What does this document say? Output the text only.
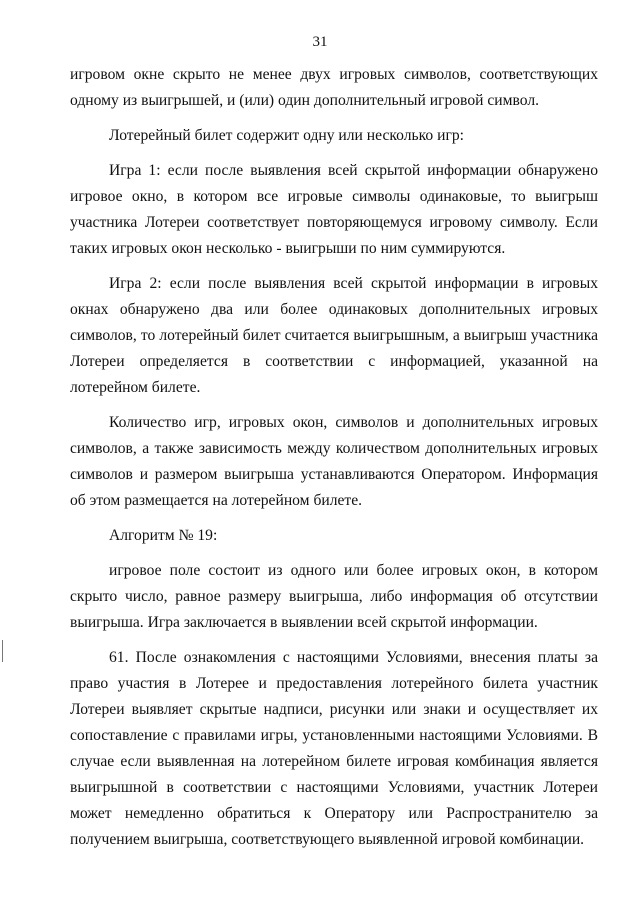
31

игровом окне скрыто не менее двух игровых символов, соответствующих одному из выигрышей, и (или) один дополнительный игровой символ.

Лотерейный билет содержит одну или несколько игр:

Игра 1: если после выявления всей скрытой информации обнаружено игровое окно, в котором все игровые символы одинаковые, то выигрыш участника Лотереи соответствует повторяющемуся игровому символу. Если таких игровых окон несколько - выигрыши по ним суммируются.

Игра 2: если после выявления всей скрытой информации в игровых окнах обнаружено два или более одинаковых дополнительных игровых символов, то лотерейный билет считается выигрышным, а выигрыш участника Лотереи определяется в соответствии с информацией, указанной на лотерейном билете.

Количество игр, игровых окон, символов и дополнительных игровых символов, а также зависимость между количеством дополнительных игровых символов и размером выигрыша устанавливаются Оператором. Информация об этом размещается на лотерейном билете.

Алгоритм № 19:

игровое поле состоит из одного или более игровых окон, в котором скрыто число, равное размеру выигрыша, либо информация об отсутствии выигрыша. Игра заключается в выявлении всей скрытой информации.

61. После ознакомления с настоящими Условиями, внесения платы за право участия в Лотерее и предоставления лотерейного билета участник Лотереи выявляет скрытые надписи, рисунки или знаки и осуществляет их сопоставление с правилами игры, установленными настоящими Условиями. В случае если выявленная на лотерейном билете игровая комбинация является выигрышной в соответствии с настоящими Условиями, участник Лотереи может немедленно обратиться к Оператору или Распространителю за получением выигрыша, соответствующего выявленной игровой комбинации.
